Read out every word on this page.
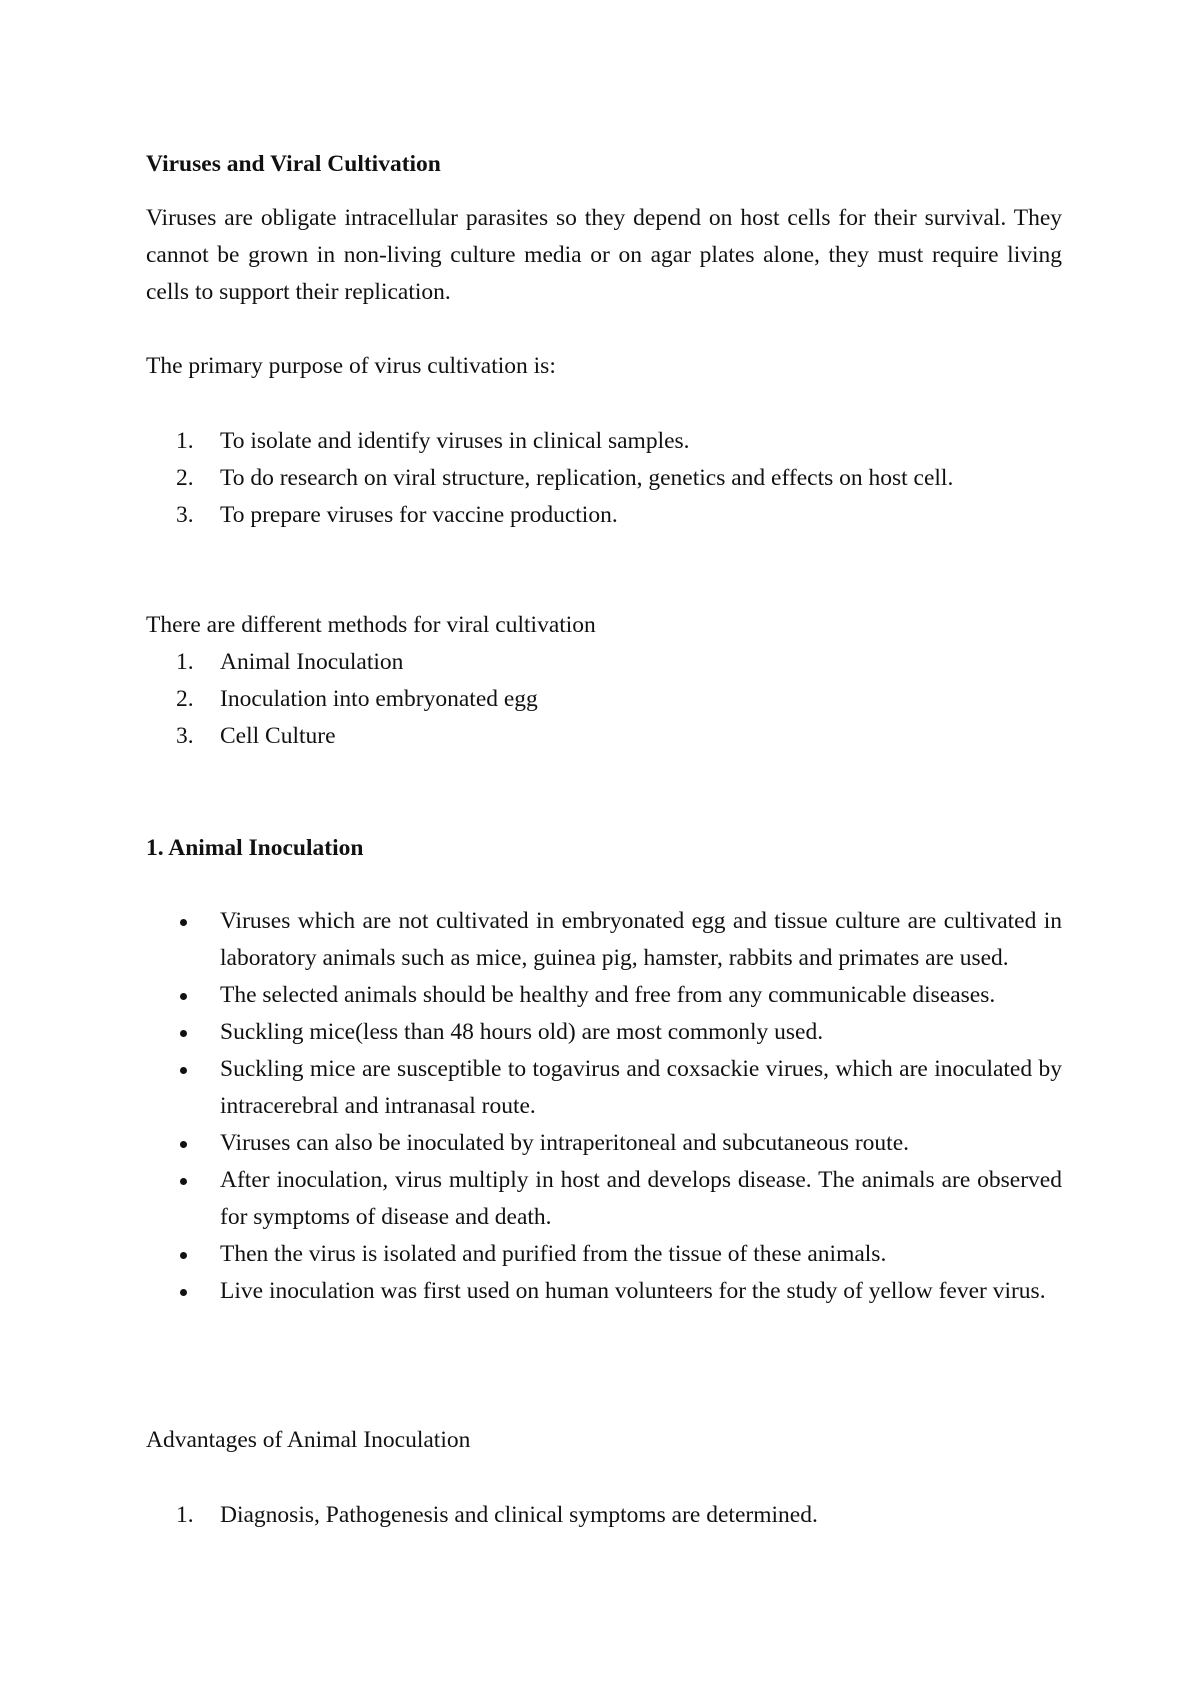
Viruses and Viral Cultivation

Viruses are obligate intracellular parasites so they depend on host cells for their survival. They cannot be grown in non-living culture media or on agar plates alone, they must require living cells to support their replication.

The primary purpose of virus cultivation is:

1. To isolate and identify viruses in clinical samples.
2. To do research on viral structure, replication, genetics and effects on host cell.
3. To prepare viruses for vaccine production.

There are different methods for viral cultivation

1. Animal Inoculation
2. Inoculation into embryonated egg
3. Cell Culture

1. Animal Inoculation

Viruses which are not cultivated in embryonated egg and tissue culture are cultivated in laboratory animals such as mice, guinea pig, hamster, rabbits and primates are used.
The selected animals should be healthy and free from any communicable diseases.
Suckling mice(less than 48 hours old) are most commonly used.
Suckling mice are susceptible to togavirus and coxsackie virues, which are inoculated by intracerebral and intranasal route.
Viruses can also be inoculated by intraperitoneal and subcutaneous route.
After inoculation, virus multiply in host and develops disease. The animals are observed for symptoms of disease and death.
Then the virus is isolated and purified from the tissue of these animals.
Live inoculation was first used on human volunteers for the study of yellow fever virus.

Advantages of Animal Inoculation

1. Diagnosis, Pathogenesis and clinical symptoms are determined.
